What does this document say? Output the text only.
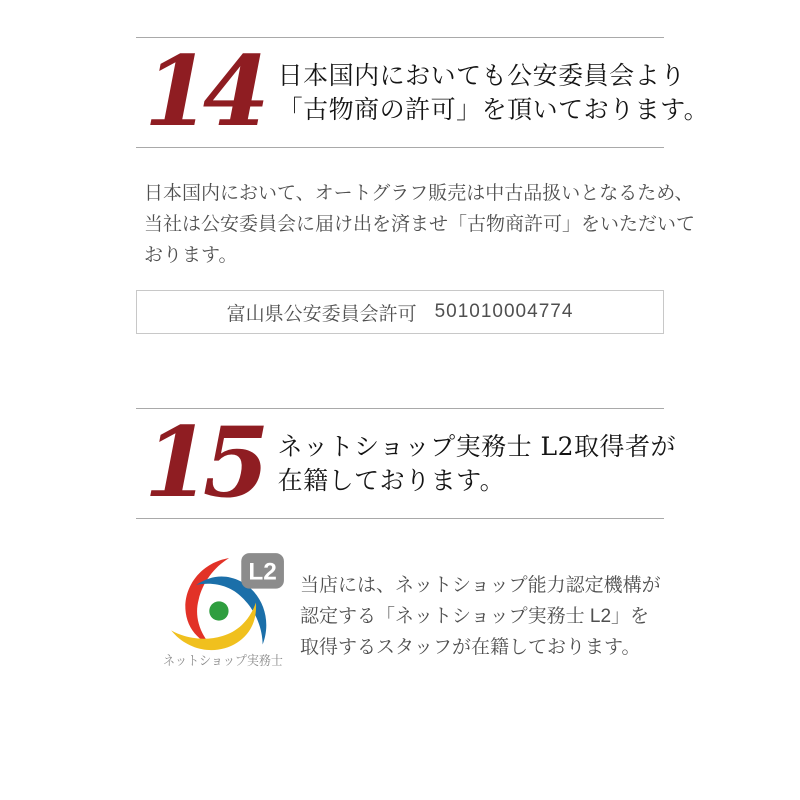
14 日本国内においても公安委員会より
「古物商の許可」を頂いております。
日本国内において、オートグラフ販売は中古品扱いとなるため、
当社は公安委員会に届け出を済ませ「古物商許可」をいただいて
おります。
富山県公安委員会許可 501010004774
15 ネットショップ実務士 L2取得者が
在籍しております。
L2
ネットショップ実務士
当店には、ネットショップ能力認定機構が
認定する「ネットショップ実務士 L2」を
取得するスタッフが在籍しております。
